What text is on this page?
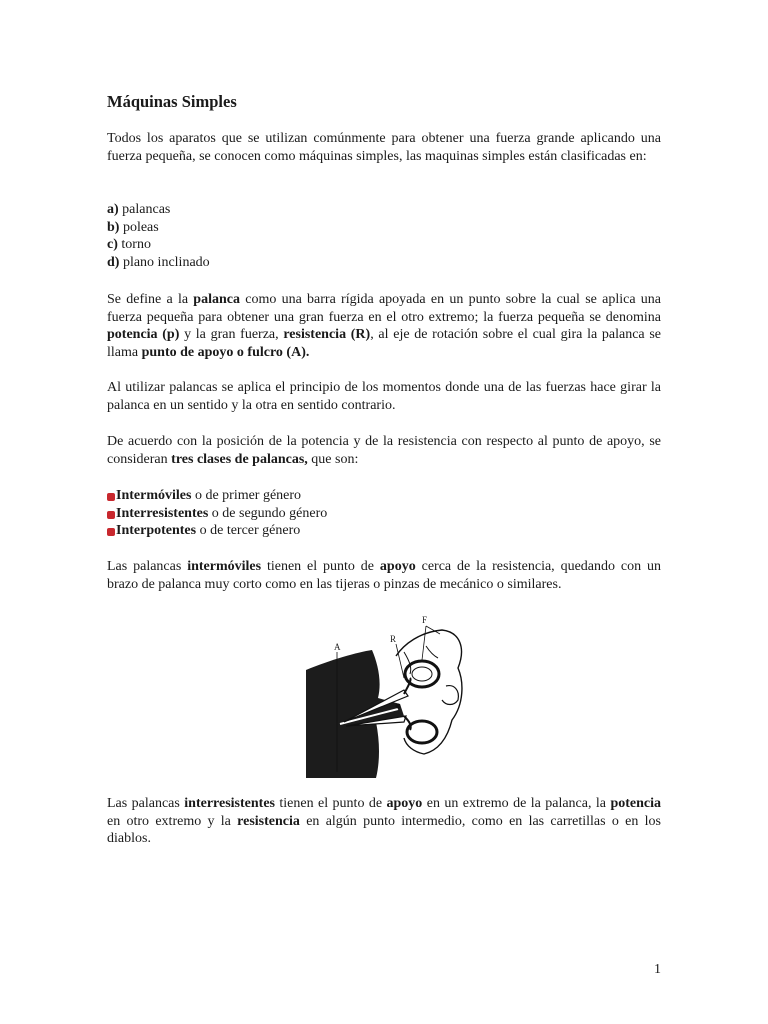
Máquinas Simples

Todos los aparatos que se utilizan comúnmente para obtener una fuerza grande aplicando una fuerza pequeña, se conocen como máquinas simples, las maquinas simples están clasificadas en:

a) palancas
b) poleas
c) torno
d) plano inclinado

Se define a la palanca como una barra rígida apoyada en un punto sobre la cual se aplica una fuerza pequeña para obtener una gran fuerza en el otro extremo; la fuerza pequeña se denomina potencia (p) y la gran fuerza, resistencia (R), al eje de rotación sobre el cual gira la palanca se llama punto de apoyo o fulcro (A).

Al utilizar palancas se aplica el principio de los momentos donde una de las fuerzas hace girar la palanca en un sentido y la otra en sentido contrario.

De acuerdo con la posición de la potencia y de la resistencia con respecto al punto de apoyo, se consideran tres clases de palancas, que son:

Intermóviles o de primer género
Interresistentes o de segundo género
Interpotentes o de tercer género

Las palancas intermóviles tienen el punto de apoyo cerca de la resistencia, quedando con un brazo de palanca muy corto como en las tijeras o pinzas de mecánico o similares.

F
R
A

Las palancas interresistentes tienen el punto de apoyo en un extremo de la palanca, la potencia en otro extremo y la resistencia en algún punto intermedio, como en las carretillas o en los diablos.

1
